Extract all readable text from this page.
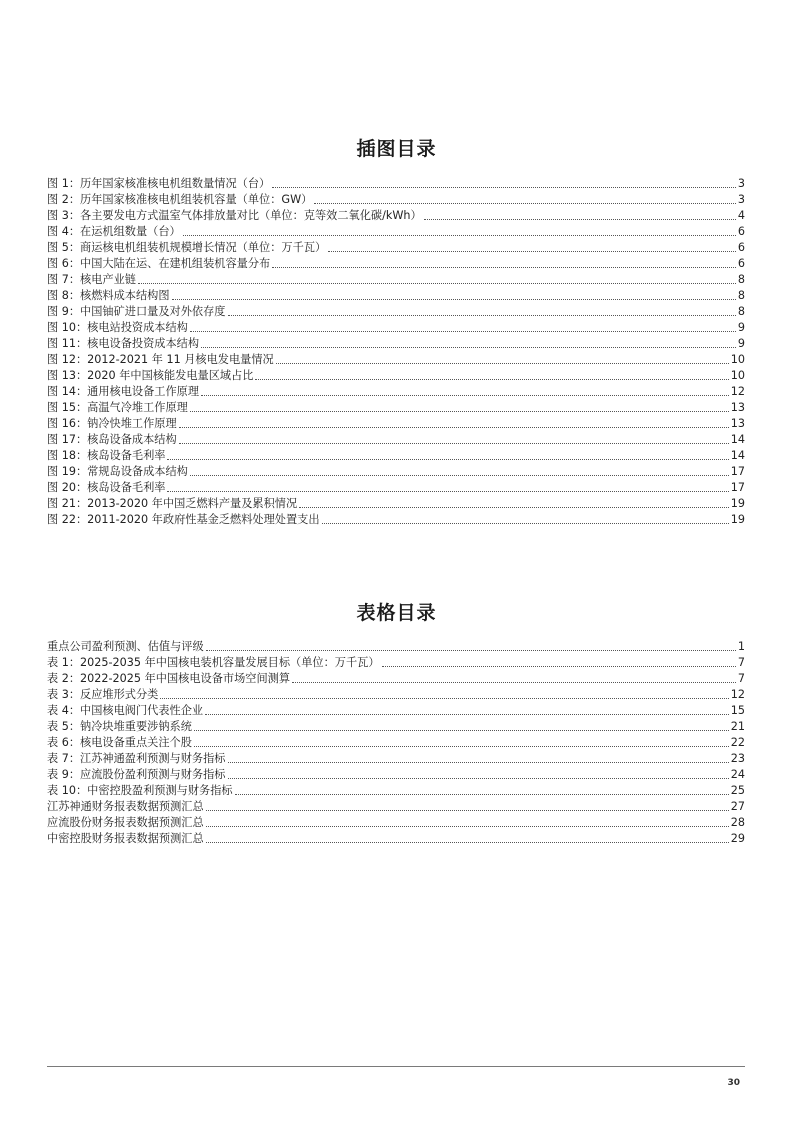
插图目录
图 1：历年国家核准核电机组数量情况（台）	3
图 2：历年国家核准核电机组装机容量（单位：GW）	3
图 3：各主要发电方式温室气体排放量对比（单位：克等效二氧化碳/kWh）	4
图 4：在运机组数量（台）	6
图 5：商运核电机组装机规模增长情况（单位：万千瓦）	6
图 6：中国大陆在运、在建机组装机容量分布	6
图 7：核电产业链	8
图 8：核燃料成本结构图	8
图 9：中国铀矿进口量及对外依存度	8
图 10：核电站投资成本结构	9
图 11：核电设备投资成本结构	9
图 12：2012-2021 年 11 月核电发电量情况	10
图 13：2020 年中国核能发电量区域占比	10
图 14：通用核电设备工作原理	12
图 15：高温气冷堆工作原理	13
图 16：钠冷快堆工作原理	13
图 17：核岛设备成本结构	14
图 18：核岛设备毛利率	14
图 19：常规岛设备成本结构	17
图 20：核岛设备毛利率	17
图 21：2013-2020 年中国乏燃料产量及累积情况	19
图 22：2011-2020 年政府性基金乏燃料处理处置支出	19
表格目录
重点公司盈利预测、估值与评级	1
表 1：2025-2035 年中国核电装机容量发展目标（单位：万千瓦）	7
表 2：2022-2025 年中国核电设备市场空间测算	7
表 3：反应堆形式分类	12
表 4：中国核电阀门代表性企业	15
表 5：钠冷块堆重要涉钠系统	21
表 6：核电设备重点关注个股	22
表 7：江苏神通盈利预测与财务指标	23
表 9：应流股份盈利预测与财务指标	24
表 10：中密控股盈利预测与财务指标	25
江苏神通财务报表数据预测汇总	27
应流股份财务报表数据预测汇总	28
中密控股财务报表数据预测汇总	29
30
